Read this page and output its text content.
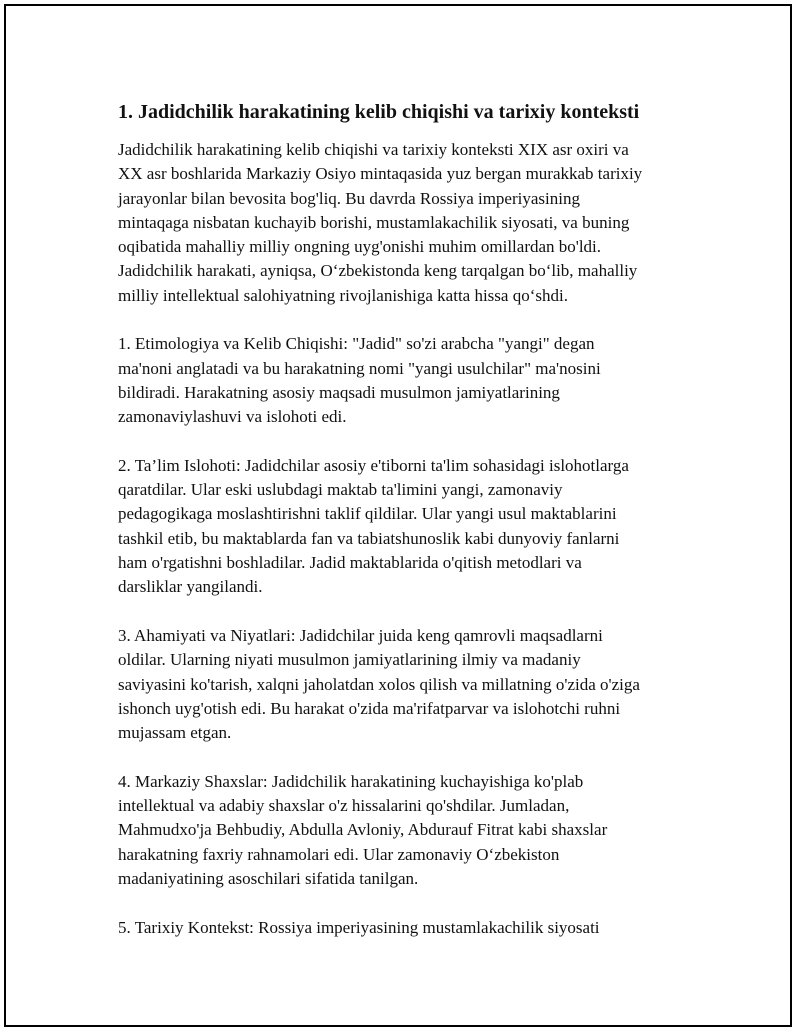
1. Jadidchilik harakatining kelib chiqishi va tarixiy konteksti

Jadidchilik harakatining kelib chiqishi va tarixiy konteksti XIX asr oxiri va
XX asr boshlarida Markaziy Osiyo mintaqasida yuz bergan murakkab tarixiy
jarayonlar bilan bevosita bog'liq. Bu davrda Rossiya imperiyasining
mintaqaga nisbatan kuchayib borishi, mustamlakachilik siyosati, va buning
oqibatida mahalliy milliy ongning uyg'onishi muhim omillardan bo'ldi.
Jadidchilik harakati, ayniqsa, O‘zbekistonda keng tarqalgan bo‘lib, mahalliy
milliy intellektual salohiyatning rivojlanishiga katta hissa qo‘shdi.

1. Etimologiya va Kelib Chiqishi: "Jadid" so'zi arabcha "yangi" degan
ma'noni anglatadi va bu harakatning nomi "yangi usulchilar" ma'nosini
bildiradi. Harakatning asosiy maqsadi musulmon jamiyatlarining
zamonaviylashuvi va islohoti edi.

2. Ta’lim Islohoti: Jadidchilar asosiy e'tiborni ta'lim sohasidagi islohotlarga
qaratdilar. Ular eski uslubdagi maktab ta'limini yangi, zamonaviy
pedagogikaga moslashtirishni taklif qildilar. Ular yangi usul maktablarini
tashkil etib, bu maktablarda fan va tabiatshunoslik kabi dunyoviy fanlarni
ham o'rgatishni boshladilar. Jadid maktablarida o'qitish metodlari va
darsliklar yangilandi.

3. Ahamiyati va Niyatlari: Jadidchilar juida keng qamrovli maqsadlarni
oldilar. Ularning niyati musulmon jamiyatlarining ilmiy va madaniy
saviyasini ko'tarish, xalqni jaholatdan xolos qilish va millatning o'zida o'ziga
ishonch uyg'otish edi. Bu harakat o'zida ma'rifatparvar va islohotchi ruhni
mujassam etgan.

4. Markaziy Shaxslar: Jadidchilik harakatining kuchayishiga ko'plab
intellektual va adabiy shaxslar o'z hissalarini qo'shdilar. Jumladan,
Mahmudxo'ja Behbudiy, Abdulla Avloniy, Abdurauf Fitrat kabi shaxslar
harakatning faxriy rahnamolari edi. Ular zamonaviy O‘zbekiston
madaniyatining asoschilari sifatida tanilgan.

5. Tarixiy Kontekst: Rossiya imperiyasining mustamlakachilik siyosati
